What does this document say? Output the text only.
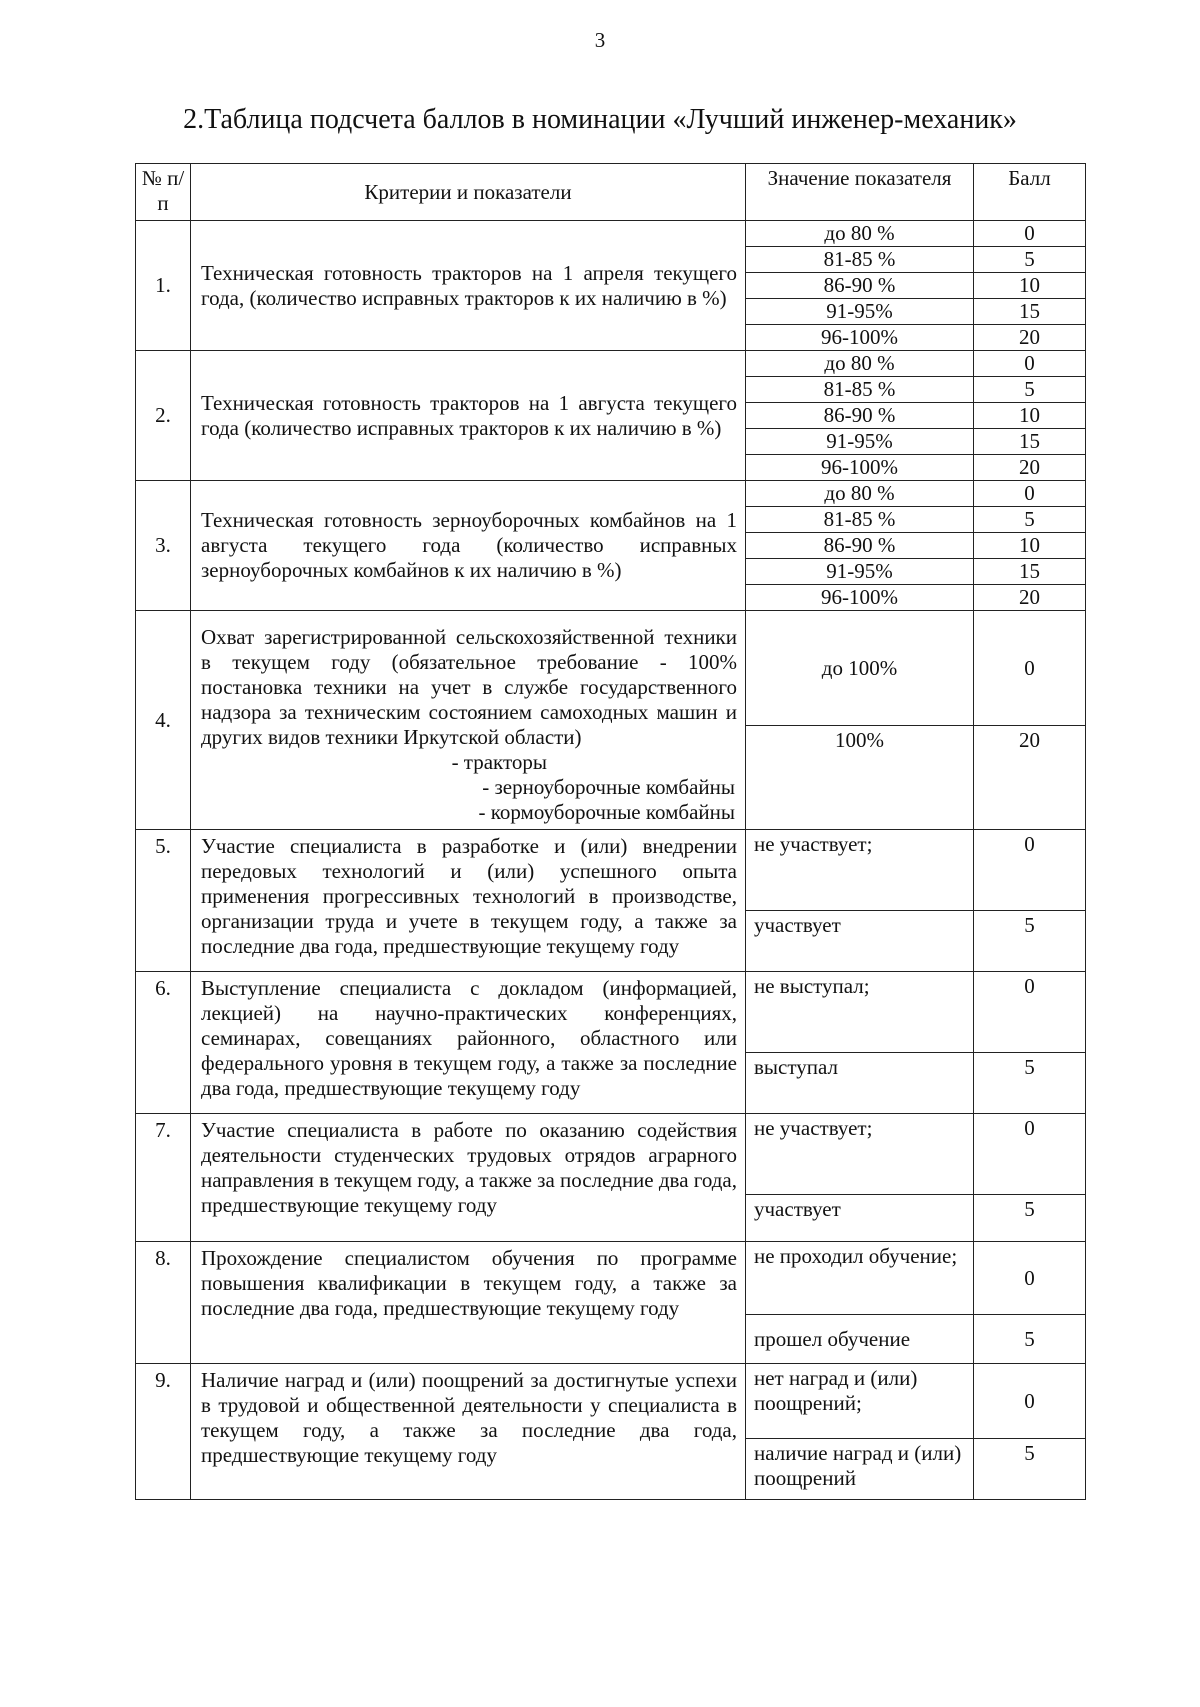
3
2.Таблица подсчета баллов в номинации «Лучший инженер-механик»
№ п/п	Критерии и показатели	Значение показателя	Балл
1.	Техническая готовность тракторов на 1 апреля текущего года, (количество исправных тракторов к их наличию в %)	до 80 %	0
		81-85 %	5
		86-90 %	10
		91-95%	15
		96-100%	20
2.	Техническая готовность тракторов на 1 августа текущего года (количество исправных тракторов к их наличию в %)	до 80 %	0
		81-85 %	5
		86-90 %	10
		91-95%	15
		96-100%	20
3.	Техническая готовность зерноуборочных комбайнов на 1 августа текущего года (количество исправных зерноуборочных комбайнов к их наличию в %)	до 80 %	0
		81-85 %	5
		86-90 %	10
		91-95%	15
		96-100%	20
4.	Охват зарегистрированной сельскохозяйственной техники в текущем году (обязательное требование - 100% постановка техники на учет в службе государственного надзора за техническим состоянием самоходных машин и других видов техники Иркутской области)
- тракторы
- зерноуборочные комбайны
- кормоуборочные комбайны	до 100%	0
		100%	20
5.	Участие специалиста в разработке и (или) внедрении передовых технологий и (или) успешного опыта применения прогрессивных технологий в производстве, организации труда и учете в текущем году, а также за последние два года, предшествующие текущему году	не участвует;	0
		участвует	5
6.	Выступление специалиста с докладом (информацией, лекцией) на научно-практических конференциях, семинарах, совещаниях районного, областного или федерального уровня в текущем году, а также за последние два года, предшествующие текущему году	не выступал;	0
		выступал	5
7.	Участие специалиста в работе по оказанию содействия деятельности студенческих трудовых отрядов аграрного направления в текущем году, а также за последние два года, предшествующие текущему году	не участвует;	0
		участвует	5
8.	Прохождение специалистом обучения по программе повышения квалификации в текущем году, а также за последние два года, предшествующие текущему году	не проходил обучение;	0
		прошел обучение	5
9.	Наличие наград и (или) поощрений за достигнутые успехи в трудовой и общественной деятельности у специалиста в текущем году, а также за последние два года, предшествующие текущему году	нет наград и (или) поощрений;	0
		наличие наград и (или) поощрений	5
